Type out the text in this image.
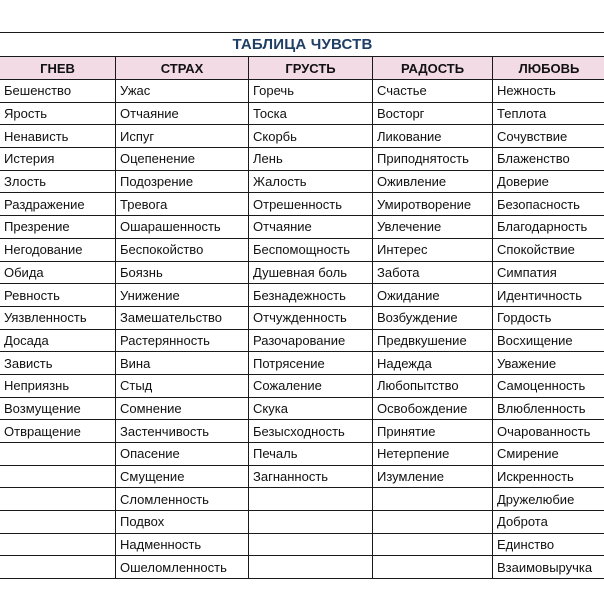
ТАБЛИЦА ЧУВСТВ				
ГНЕВ	СТРАХ	ГРУСТЬ	РАДОСТЬ	ЛЮБОВЬ
Бешенство	Ужас	Горечь	Счастье	Нежность
Ярость	Отчаяние	Тоска	Восторг	Теплота
Ненависть	Испуг	Скорбь	Ликование	Сочувствие
Истерия	Оцепенение	Лень	Приподнятость	Блаженство
Злость	Подозрение	Жалость	Оживление	Доверие
Раздражение	Тревога	Отрешенность	Умиротворение	Безопасность
Презрение	Ошарашенность	Отчаяние	Увлечение	Благодарность
Негодование	Беспокойство	Беспомощность	Интерес	Спокойствие
Обида	Боязнь	Душевная боль	Забота	Симпатия
Ревность	Унижение	Безнадежность	Ожидание	Идентичность
Уязвленность	Замешательство	Отчужденность	Возбуждение	Гордость
Досада	Растерянность	Разочарование	Предвкушение	Восхищение
Зависть	Вина	Потрясение	Надежда	Уважение
Неприязнь	Стыд	Сожаление	Любопытство	Самоценность
Возмущение	Сомнение	Скука	Освобождение	Влюбленность
Отвращение	Застенчивость	Безысходность	Принятие	Очарованность
	Опасение	Печаль	Нетерпение	Смирение
	Смущение	Загнанность	Изумление	Искренность
	Сломленность			Дружелюбие
	Подвох			Доброта
	Надменность			Единство
	Ошеломленность			Взаимовыручка
